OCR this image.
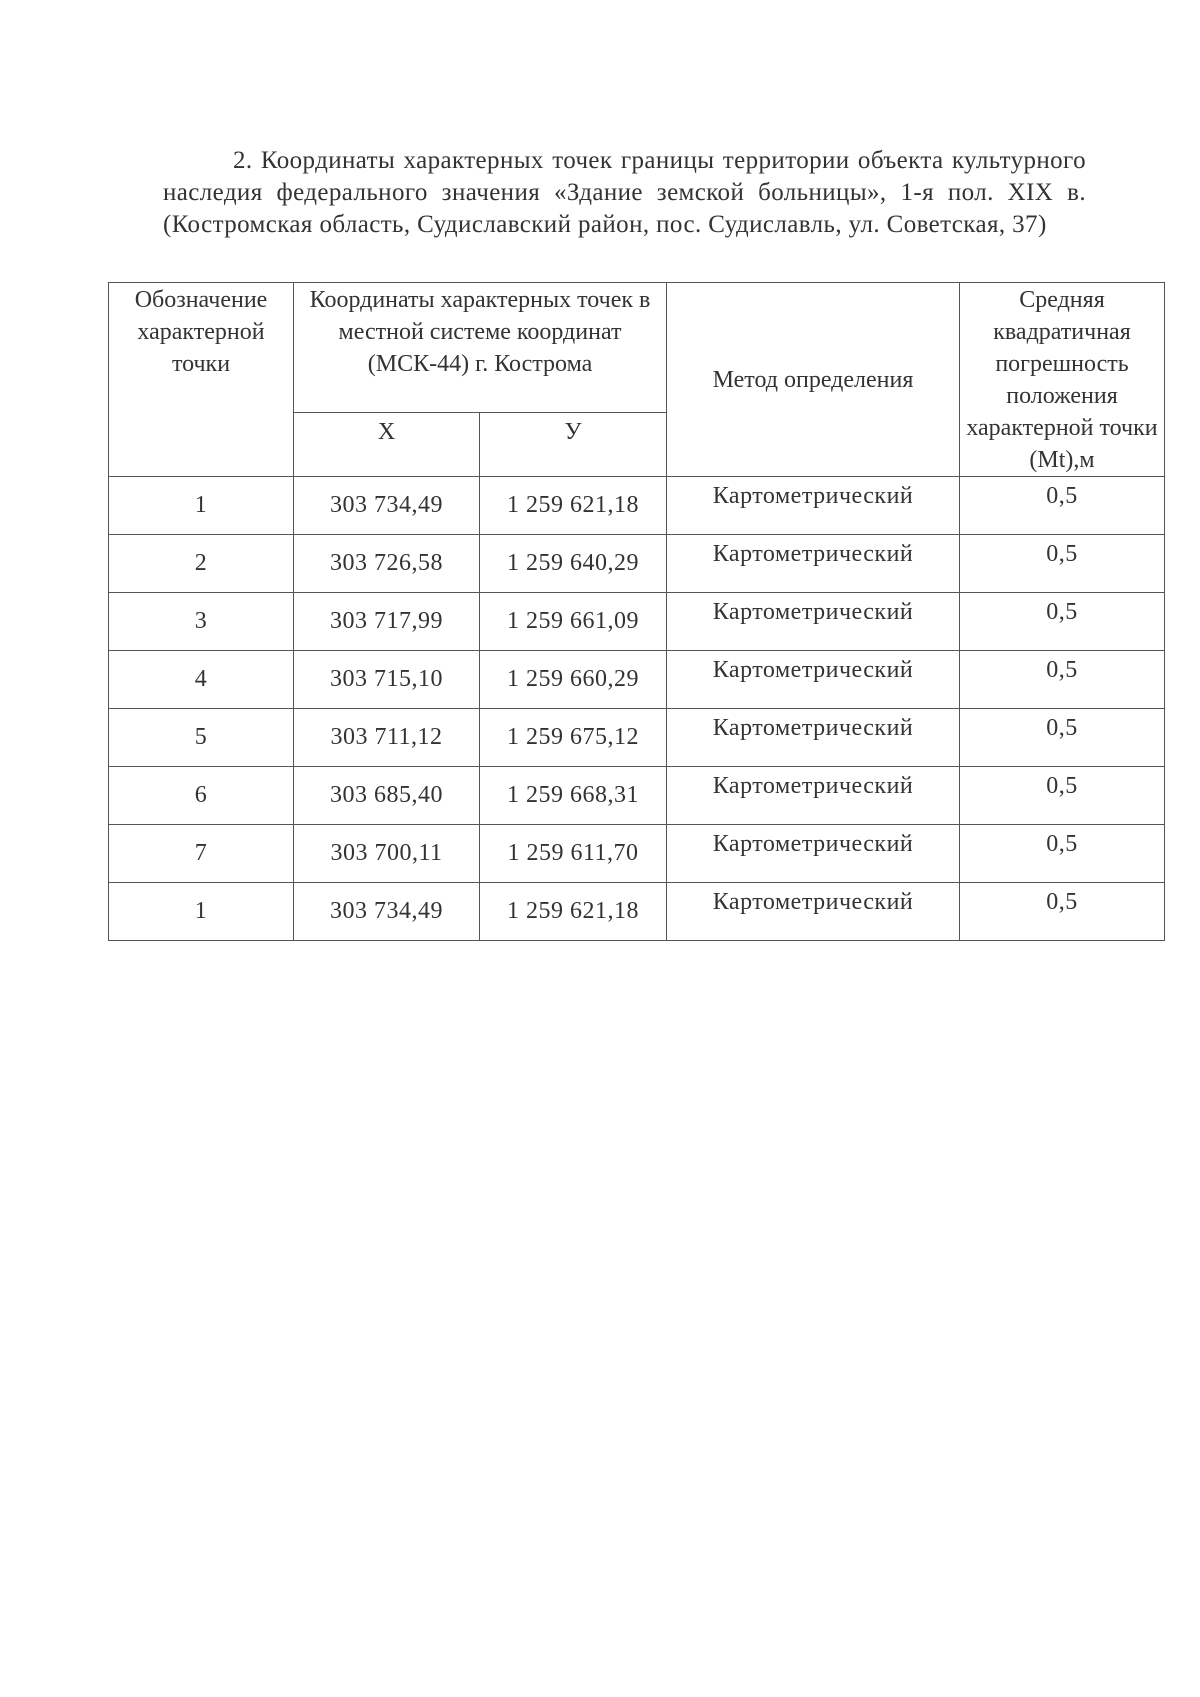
2. Координаты характерных точек границы территории объекта культурного наследия федерального значения «Здание земской больницы», 1-я пол. XIX в. (Костромская область, Судиславский район, пос. Судиславль, ул. Советская, 37)

Обозначение характерной точки	Координаты характерных точек в местной системе координат (МСК-44) г. Кострома		Метод определения	Средняя квадратичная погрешность положения характерной точки (Mt),м
	Х	У		
1	303 734,49	1 259 621,18	Картометрический	0,5
2	303 726,58	1 259 640,29	Картометрический	0,5
3	303 717,99	1 259 661,09	Картометрический	0,5
4	303 715,10	1 259 660,29	Картометрический	0,5
5	303 711,12	1 259 675,12	Картометрический	0,5
6	303 685,40	1 259 668,31	Картометрический	0,5
7	303 700,11	1 259 611,70	Картометрический	0,5
1	303 734,49	1 259 621,18	Картометрический	0,5
